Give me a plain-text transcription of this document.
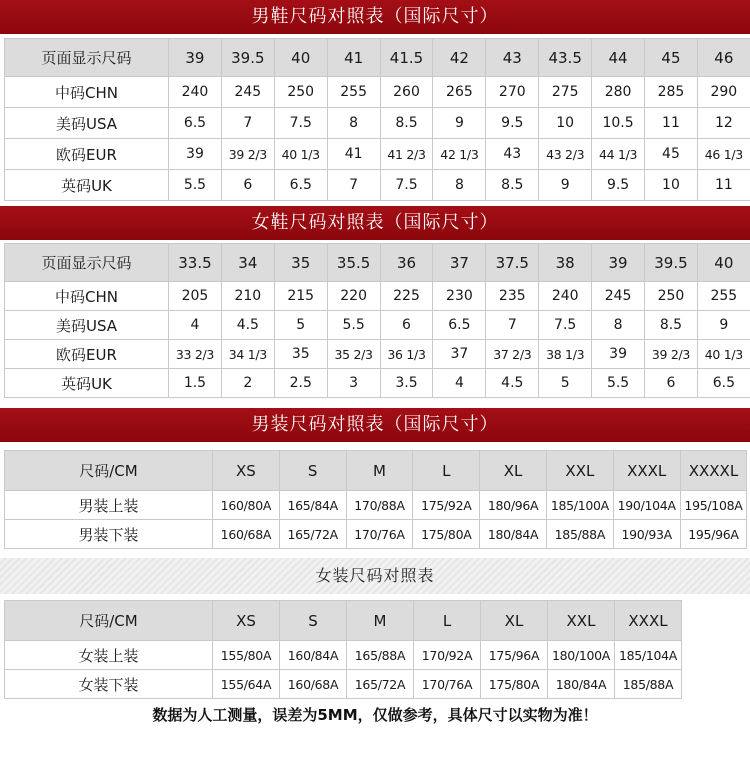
男鞋尺码对照表（国际尺寸）
页面显示尺码	39	39.5	40	41	41.5	42	43	43.5	44	45	46
中码CHN	240	245	250	255	260	265	270	275	280	285	290
美码USA	6.5	7	7.5	8	8.5	9	9.5	10	10.5	11	12
欧码EUR	39	39 2/3	40 1/3	41	41 2/3	42 1/3	43	43 2/3	44 1/3	45	46 1/3
英码UK	5.5	6	6.5	7	7.5	8	8.5	9	9.5	10	11
女鞋尺码对照表（国际尺寸）
页面显示尺码	33.5	34	35	35.5	36	37	37.5	38	39	39.5	40
中码CHN	205	210	215	220	225	230	235	240	245	250	255
美码USA	4	4.5	5	5.5	6	6.5	7	7.5	8	8.5	9
欧码EUR	33 2/3	34 1/3	35	35 2/3	36 1/3	37	37 2/3	38 1/3	39	39 2/3	40 1/3
英码UK	1.5	2	2.5	3	3.5	4	4.5	5	5.5	6	6.5
男装尺码对照表（国际尺寸）
尺码/CM	XS	S	M	L	XL	XXL	XXXL	XXXXL
男装上装	160/80A	165/84A	170/88A	175/92A	180/96A	185/100A	190/104A	195/108A
男装下装	160/68A	165/72A	170/76A	175/80A	180/84A	185/88A	190/93A	195/96A
女装尺码对照表
尺码/CM	XS	S	M	L	XL	XXL	XXXL
女装上装	155/80A	160/84A	165/88A	170/92A	175/96A	180/100A	185/104A
女装下装	155/64A	160/68A	165/72A	170/76A	175/80A	180/84A	185/88A
数据为人工测量，误差为5MM，仅做参考，具体尺寸以实物为准！
